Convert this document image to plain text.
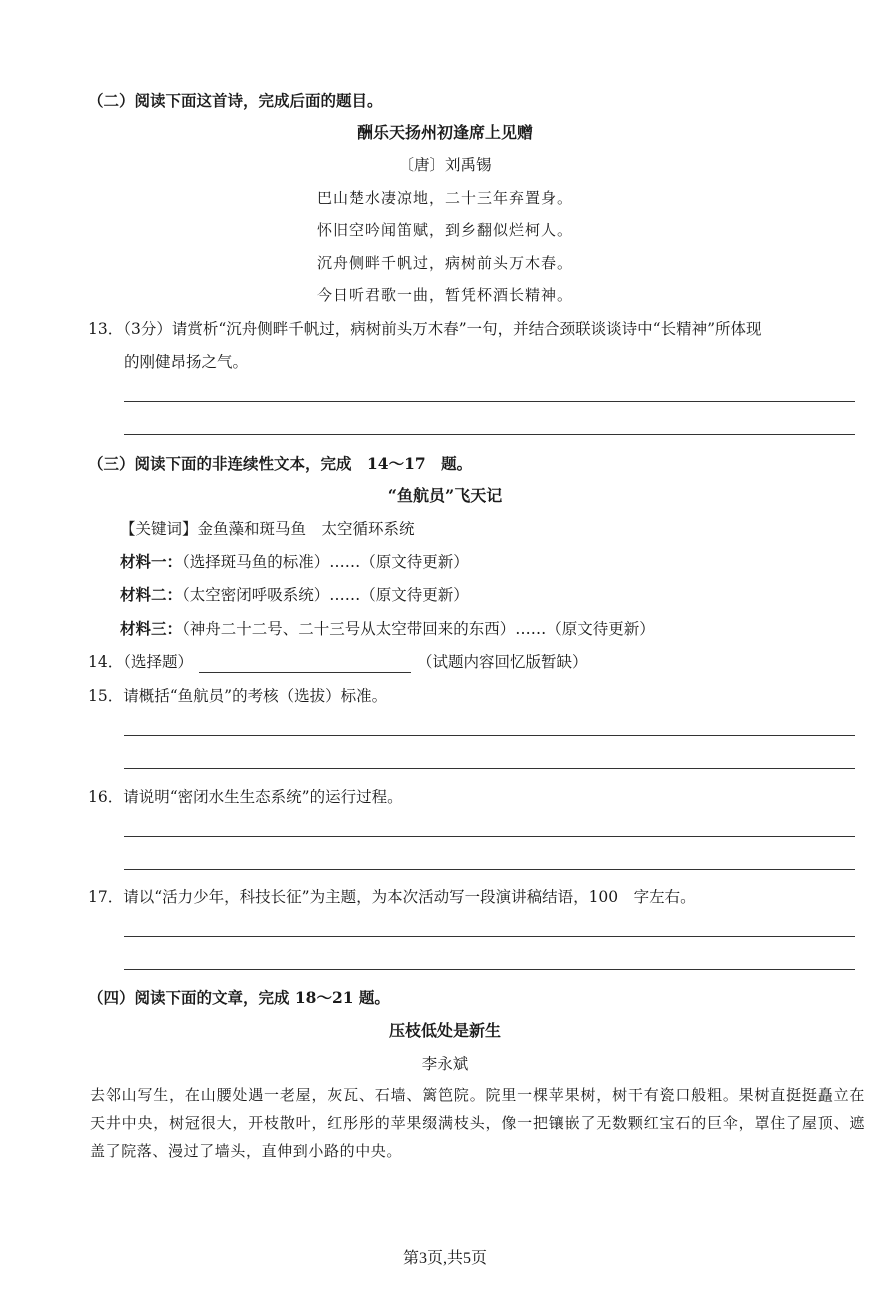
（二）阅读下面这首诗，完成后面的题目。
酬乐天扬州初逢席上见赠
〔唐〕刘禹锡
巴山楚水凄凉地，二十三年弃置身。
怀旧空吟闻笛赋，到乡翻似烂柯人。
沉舟侧畔千帆过，病树前头万木春。
今日听君歌一曲，暂凭杯酒长精神。
13．（3分）请赏析“沉舟侧畔千帆过，病树前头万木春”一句，并结合颈联谈谈诗中“长精神”所体现
的刚健昂扬之气。
（三）阅读下面的非连续性文本，完成　14～17　题。
“鱼航员”飞天记
【关键词】金鱼藻和斑马鱼　太空循环系统
材料一：（选择斑马鱼的标准）……（原文待更新）
材料二：（太空密闭呼吸系统）……（原文待更新）
材料三：（神舟二十二号、二十三号从太空带回来的东西）……（原文待更新）
14．（选择题）	（试题内容回忆版暂缺）
15．请概括“鱼航员”的考核（选拔）标准。
16．请说明“密闭水生生态系统”的运行过程。
17．请以“活力少年，科技长征”为主题，为本次活动写一段演讲稿结语，100　字左右。
（四）阅读下面的文章，完成 18～21 题。
压枝低处是新生
李永斌
去邻山写生，在山腰处遇一老屋，灰瓦、石墙、篱笆院。院里一棵苹果树，树干有瓷口般粗。果树直挺挺矗立在天井中央，树冠很大，开枝散叶，红彤彤的苹果缀满枝头，像一把镶嵌了无数颗红宝石的巨伞，罩住了屋顶、遮盖了院落、漫过了墙头，直伸到小路的中央。
第3页,共5页
